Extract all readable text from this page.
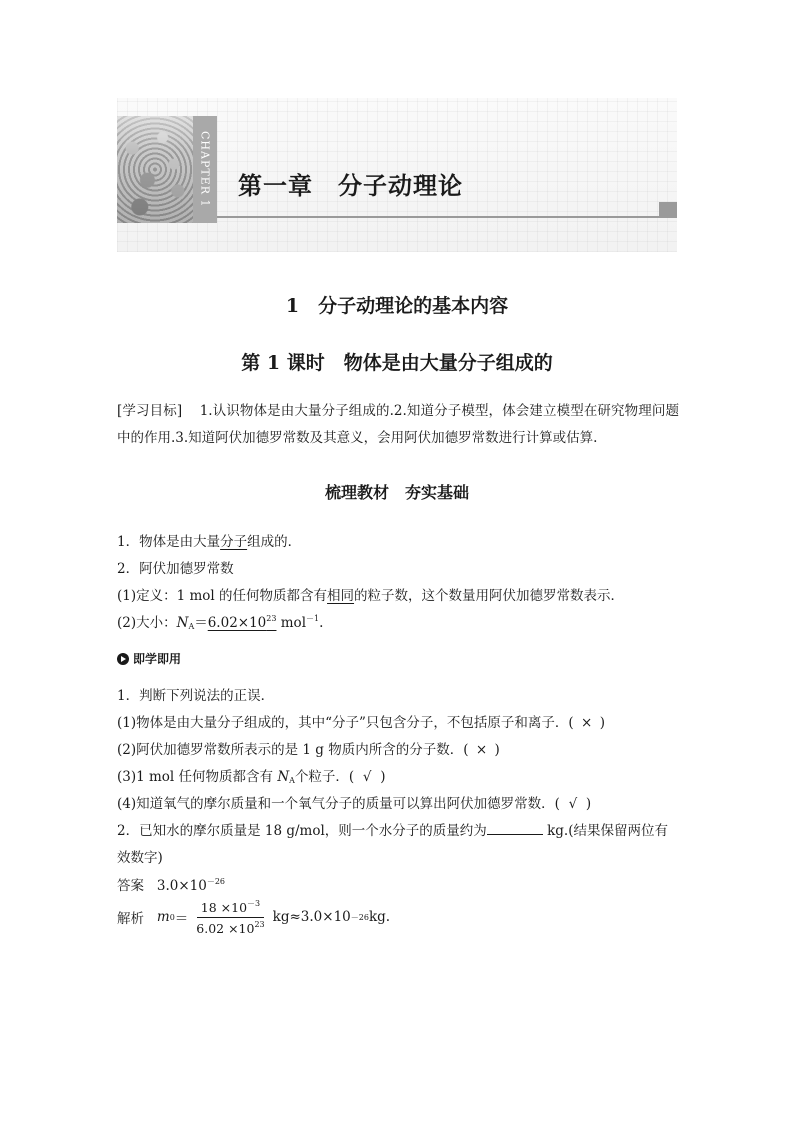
CHAPTER 1 第一章　分子动理论
1　分子动理论的基本内容
第 1 课时　物体是由大量分子组成的
[学习目标] 1.认识物体是由大量分子组成的.2.知道分子模型，体会建立模型在研究物理问题中的作用.3.知道阿伏加德罗常数及其意义，会用阿伏加德罗常数进行计算或估算.
梳理教材　夯实基础
1．物体是由大量分子组成的．
2．阿伏加德罗常数
(1)定义：1 mol 的任何物质都含有相同的粒子数，这个数量用阿伏加德罗常数表示．
(2)大小：$N_A=6.02\times 10^{23}$ mol$^{-1}$.
即学即用
1．判断下列说法的正误．
(1)物体是由大量分子组成的，其中“分子”只包含分子，不包括原子和离子．( × )
(2)阿伏加德罗常数所表示的是 1 g 物质内所含的分子数．( × )
(3)1 mol 任何物质都含有 $N_A$个粒子．( √ )
(4)知道氧气的摩尔质量和一个氧气分子的质量可以算出阿伏加德罗常数．( √ )
2．已知水的摩尔质量是 18 g/mol，则一个水分子的质量约为	kg.(结果保留两位有效数字)
答案 $3.0\times 10^{-26}$
解析
m $0 = \frac{18 \times 10^{-3}}{6.02 \times 10^{23}} kg\approx 3.0\times 10 -26$ kg.
